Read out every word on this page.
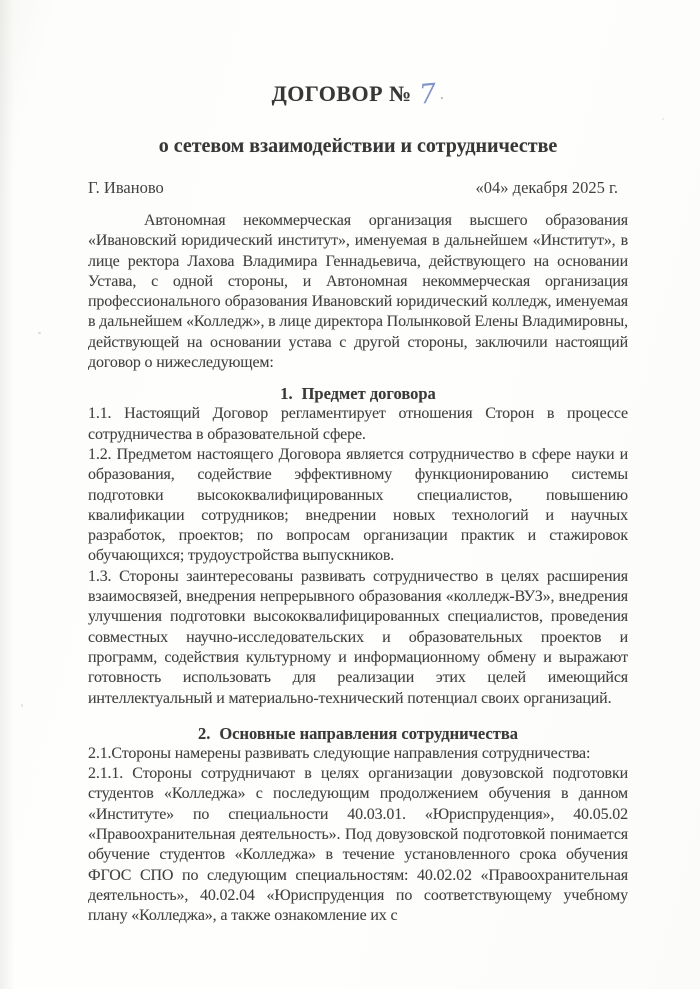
ДОГОВОР № 7 .
о сетевом взаимодействии и сотрудничестве
Г. Иваново	«04» декабря 2025 г.

Автономная некоммерческая организация высшего образования «Ивановский юридический институт», именуемая в дальнейшем «Институт», в лице ректора Лахова Владимира Геннадьевича, действующего на основании Устава, с одной стороны, и Автономная некоммерческая организация профессионального образования Ивановский юридический колледж, именуемая в дальнейшем «Колледж», в лице директора Полынковой Елены Владимировны, действующей на основании устава с другой стороны, заключили настоящий договор о нижеследующем:

1. Предмет договора

1.1. Настоящий Договор регламентирует отношения Сторон в процессе сотрудничества в образовательной сфере.

1.2. Предметом настоящего Договора является сотрудничество в сфере науки и образования, содействие эффективному функционированию системы подготовки высококвалифицированных специалистов, повышению квалификации сотрудников; внедрении новых технологий и научных разработок, проектов; по вопросам организации практик и стажировок обучающихся; трудоустройства выпускников.

1.3. Стороны заинтересованы развивать сотрудничество в целях расширения взаимосвязей, внедрения непрерывного образования «колледж-ВУЗ», внедрения улучшения подготовки высококвалифицированных специалистов, проведения совместных научно-исследовательских и образовательных проектов и программ, содействия культурному и информационному обмену и выражают готовность использовать для реализации этих целей имеющийся интеллектуальный и материально-технический потенциал своих организаций.

2. Основные направления сотрудничества

2.1.Стороны намерены развивать следующие направления сотрудничества:

2.1.1. Стороны сотрудничают в целях организации довузовской подготовки студентов «Колледжа» с последующим продолжением обучения в данном «Институте» по специальности 40.03.01. «Юриспруденция», 40.05.02 «Правоохранительная деятельность». Под довузовской подготовкой понимается обучение студентов «Колледжа» в течение установленного срока обучения ФГОС СПО по следующим специальностям: 40.02.02 «Правоохранительная деятельность», 40.02.04 «Юриспруденция по соответствующему учебному плану «Колледжа», а также ознакомление их с
